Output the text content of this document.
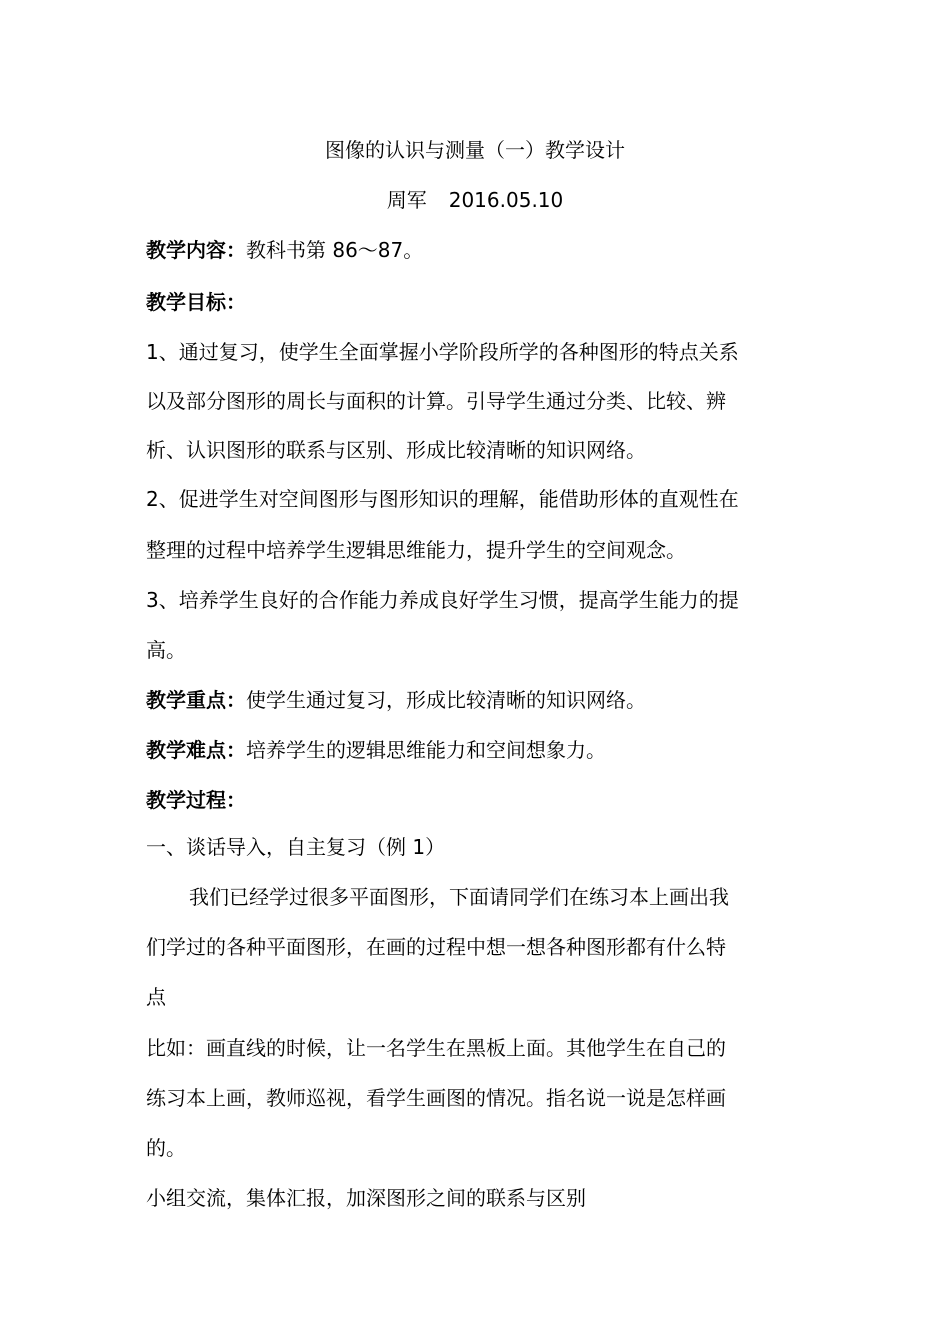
图像的认识与测量（一）教学设计
周军 2016.05.10
教学内容：教科书第 86～87。
教学目标：
1、通过复习，使学生全面掌握小学阶段所学的各种图形的特点关系
以及部分图形的周长与面积的计算。引导学生通过分类、比较、辨
析、认识图形的联系与区别、形成比较清晰的知识网络。
2、促进学生对空间图形与图形知识的理解，能借助形体的直观性在
整理的过程中培养学生逻辑思维能力，提升学生的空间观念。
3、培养学生良好的合作能力养成良好学生习惯，提高学生能力的提
高。
教学重点：使学生通过复习，形成比较清晰的知识网络。
教学难点：培养学生的逻辑思维能力和空间想象力。
教学过程：
一、谈话导入，自主复习（例 1）
我们已经学过很多平面图形，下面请同学们在练习本上画出我
们学过的各种平面图形，在画的过程中想一想各种图形都有什么特
点
比如：画直线的时候，让一名学生在黑板上面。其他学生在自己的
练习本上画，教师巡视，看学生画图的情况。指名说一说是怎样画
的。
小组交流，集体汇报，加深图形之间的联系与区别
